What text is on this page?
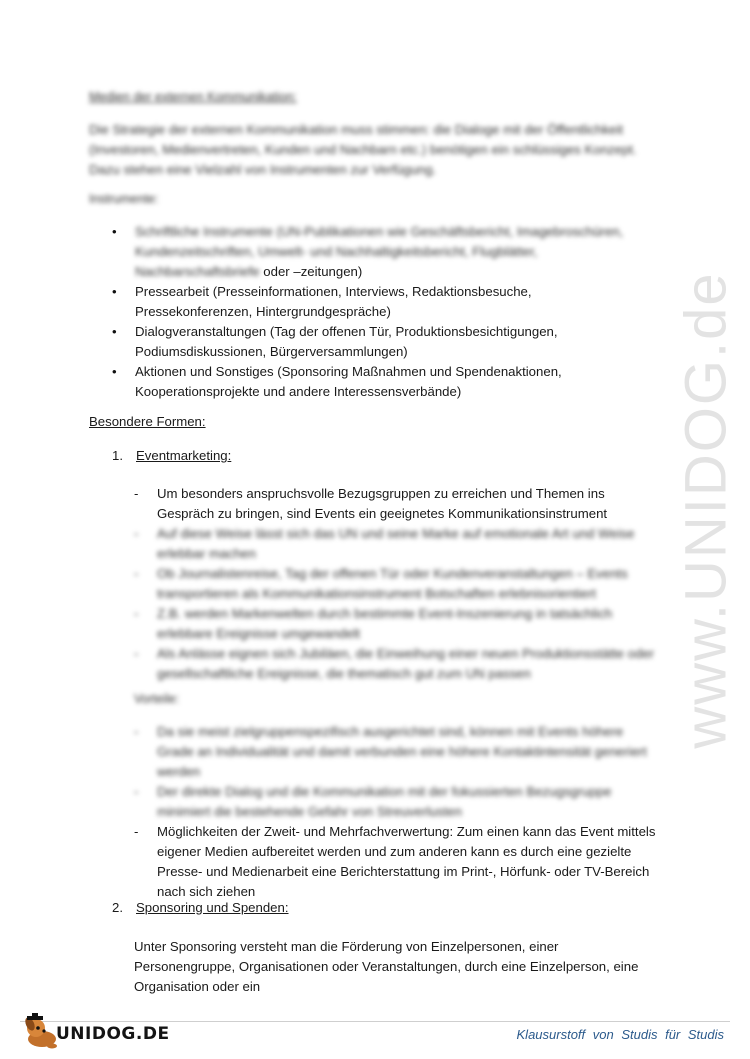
www.UNIDOG.de
Medien der externen Kommunikation:
Die Strategie der externen Kommunikation muss stimmen: die Dialoge mit der Öffentlichkeit (Investoren, Medienvertreten, Kunden und Nachbarn etc.) benötigen ein schlüssiges Konzept. Dazu stehen eine Vielzahl von Instrumenten zur Verfügung.
Instrumente:
• Schriftliche Instrumente (UN-Publikationen wie Geschäftsbericht, Imagebroschüren, Kundenzeitschriften, Umwelt- und Nachhaltigkeitsbericht, Flugblätter, Nachbarschaftsbriefe oder –zeitungen)
• Pressearbeit (Presseinformationen, Interviews, Redaktionsbesuche, Pressekonferenzen, Hintergrundgespräche)
• Dialogveranstaltungen (Tag der offenen Tür, Produktionsbesichtigungen, Podiumsdiskussionen, Bürgerversammlungen)
• Aktionen und Sonstiges (Sponsoring Maßnahmen und Spendenaktionen, Kooperationsprojekte und andere Interessensverbände)
Besondere Formen:
1. Eventmarketing:
- Um besonders anspruchsvolle Bezugsgruppen zu erreichen und Themen ins Gespräch zu bringen, sind Events ein geeignetes Kommunikationsinstrument
- Auf diese Weise lässt sich das UN und seine Marke auf emotionale Art und Weise erlebbar machen
- Ob Journalistenreise, Tag der offenen Tür oder Kundenveranstaltungen – Events transportieren als Kommunikationsinstrument Botschaften erlebnisorientiert
- Z.B. werden Markenwelten durch bestimmte Event-Inszenierung in tatsächlich erlebbare Ereignisse umgewandelt
- Als Anlässe eignen sich Jubiläen, die Einweihung einer neuen Produktionsstätte oder gesellschaftliche Ereignisse, die thematisch gut zum UN passen
Vorteile:
- Da sie meist zielgruppenspezifisch ausgerichtet sind, können mit Events höhere Grade an Individualität und damit verbunden eine höhere Kontaktintensität generiert werden
- Der direkte Dialog und die Kommunikation mit der fokussierten Bezugsgruppe minimiert die bestehende Gefahr von Streuverlusten
- Möglichkeiten der Zweit- und Mehrfachverwertung: Zum einen kann das Event mittels eigener Medien aufbereitet werden und zum anderen kann es durch eine gezielte Presse- und Medienarbeit eine Berichterstattung im Print-, Hörfunk- oder TV-Bereich nach sich ziehen
2. Sponsoring und Spenden:
Unter Sponsoring versteht man die Förderung von Einzelpersonen, einer Personengruppe, Organisationen oder Veranstaltungen, durch eine Einzelperson, eine Organisation oder ein
UNIDOG.DE	Klausurstoff von Studis für Studis
